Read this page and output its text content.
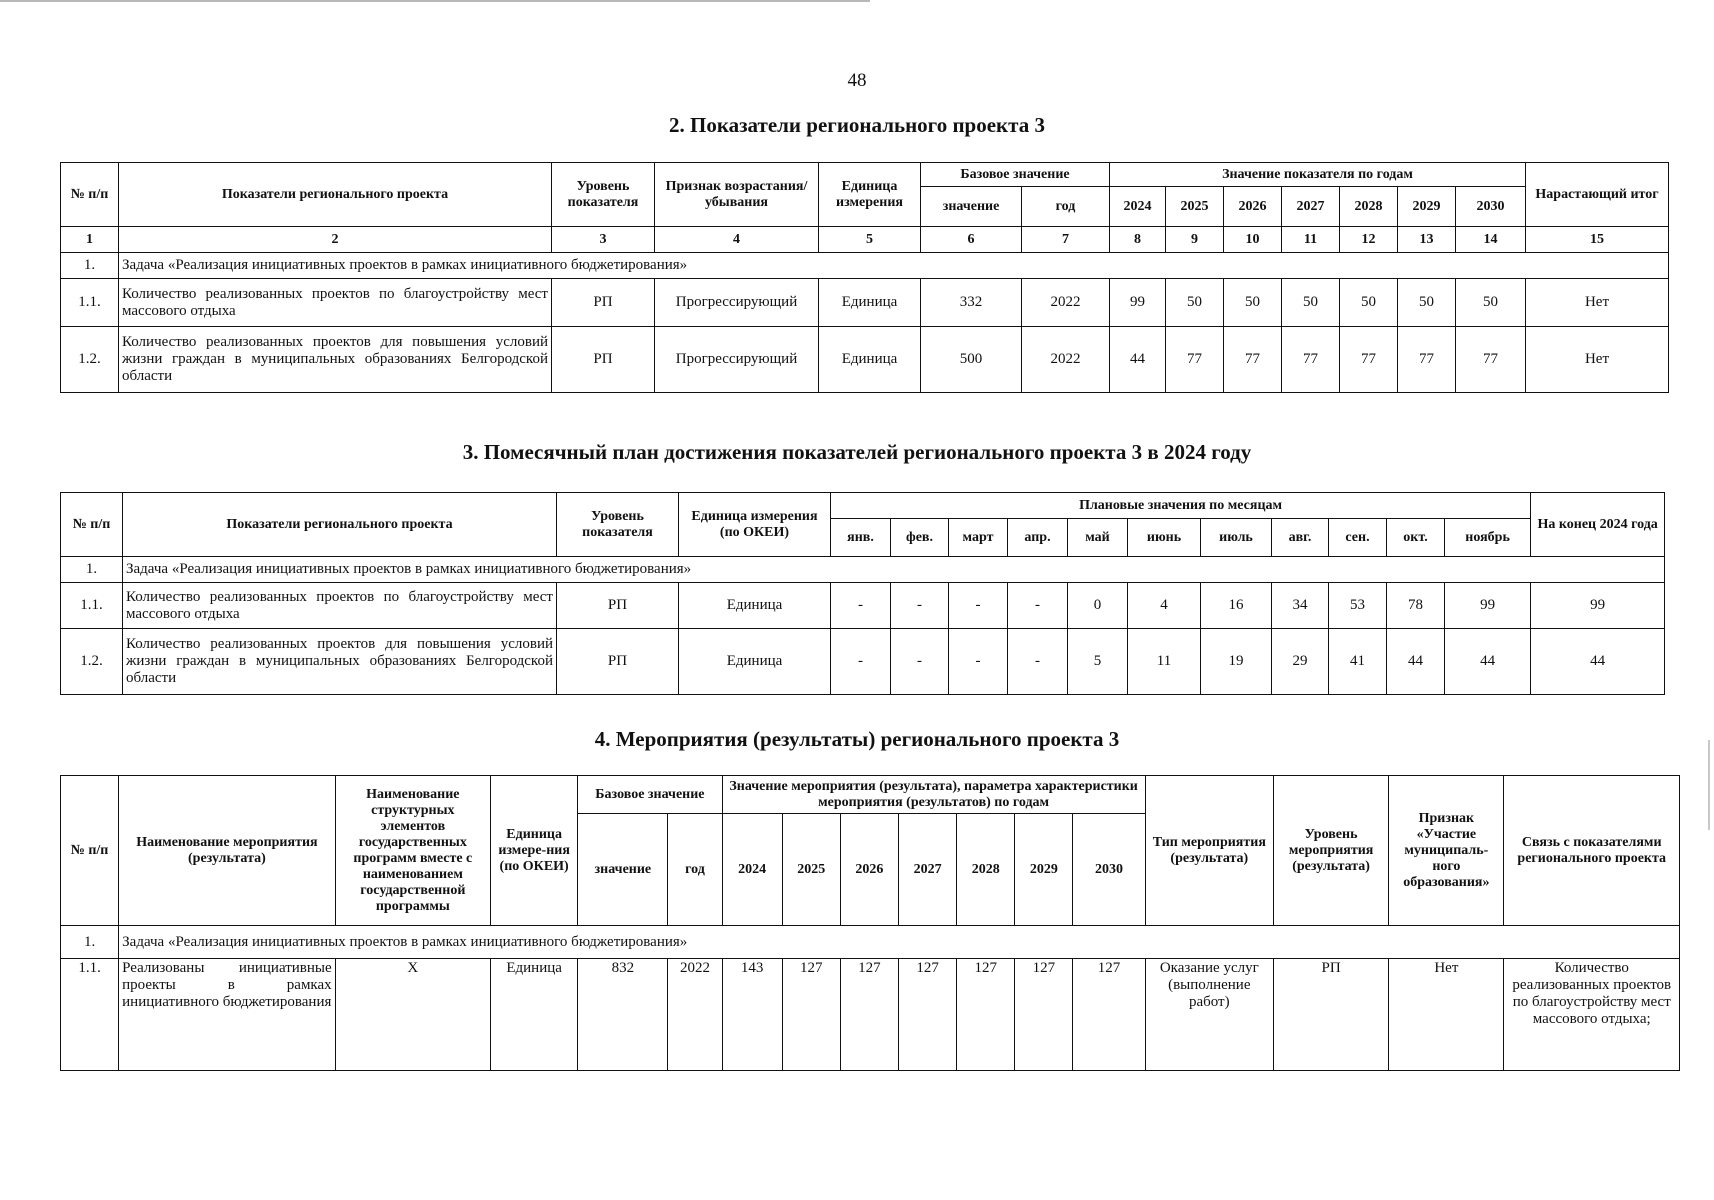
48
2. Показатели регионального проекта 3
№ п/п	Показатели регионального проекта	Уровень показателя	Признак возрастания/ убывания	Единица измерения	Базовое значение		Значение показателя по годам							Нарастающий итог
					значение	год	2024	2025	2026	2027	2028	2029	2030	
1	2	3	4	5	6	7	8	9	10	11	12	13	14	15
1.	Задача «Реализация инициативных проектов в рамках инициативного бюджетирования»													
1.1.	Количество реализованных проектов по благоустройству мест массового отдыха	РП	Прогрессирующий	Единица	332	2022	99	50	50	50	50	50	50	Нет
1.2.	Количество реализованных проектов для повышения условий жизни граждан в муниципальных образованиях Белгородской области	РП	Прогрессирующий	Единица	500	2022	44	77	77	77	77	77	77	Нет
3. Помесячный план достижения показателей регионального проекта 3 в 2024 году
№ п/п	Показатели регионального проекта	Уровень показателя	Единица измерения (по ОКЕИ)	Плановые значения по месяцам											На конец 2024 года
				янв.	фев.	март	апр.	май	июнь	июль	авг.	сен.	окт.	ноябрь	
1.	Задача «Реализация инициативных проектов в рамках инициативного бюджетирования»														
1.1.	Количество реализованных проектов по благоустройству мест массового отдыха	РП	Единица	-	-	-	-	0	4	16	34	53	78	99	99
1.2.	Количество реализованных проектов для повышения условий жизни граждан в муниципальных образованиях Белгородской области	РП	Единица	-	-	-	-	5	11	19	29	41	44	44	44
4. Мероприятия (результаты) регионального проекта 3
№ п/п	Наименование мероприятия (результата)	Наименование структурных элементов государственных программ вместе с наименованием государственной программы	Единица измере-ния (по ОКЕИ)	Базовое значение		Значение мероприятия (результата), параметра характеристики мероприятия (результатов) по годам							Тип мероприятия (результата)	Уровень мероприятия (результата)	Признак «Участие муниципаль-ного образования»	Связь с показателями регионального проекта
				значение	год	2024	2025	2026	2027	2028	2029	2030				
1.	Задача «Реализация инициативных проектов в рамках инициативного бюджетирования»															
1.1.	Реализованы инициативные проекты в рамках инициативного бюджетирования	Х	Единица	832	2022	143	127	127	127	127	127	127	Оказание услуг (выполнение работ)	РП	Нет	Количество реализованных проектов по благоустройству мест массового отдыха;
